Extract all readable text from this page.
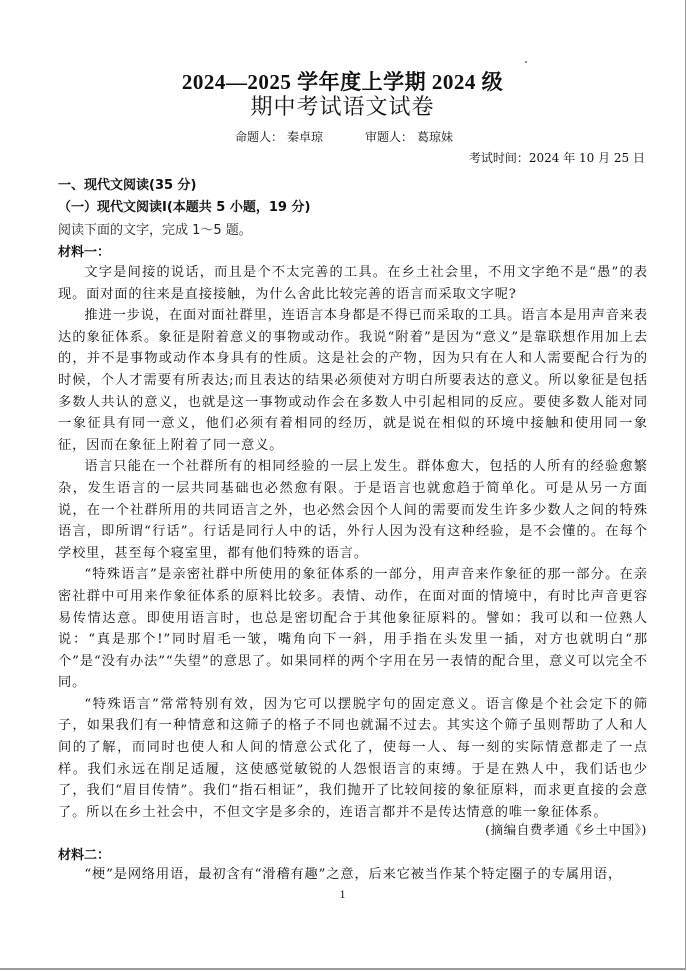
2024—2025 学年度上学期 2024 级
期中考试语文试卷
命题人： 秦卓琼	审题人： 葛琼妹
考试时间：2024 年 10 月 25 日
一、现代文阅读(35 分)
（一）现代文阅读Ⅰ(本题共 5 小题，19 分)
阅读下面的文字，完成 1～5 题。
材料一：

文字是间接的说话，而且是个不太完善的工具。在乡土社会里，不用文字绝不是“愚”的表现。面对面的往来是直接接触，为什么舍此比较完善的语言而采取文字呢?

推进一步说，在面对面社群里，连语言本身都是不得已而采取的工具。语言本是用声音来表达的象征体系。象征是附着意义的事物或动作。我说“附着”是因为“意义”是靠联想作用加上去的，并不是事物或动作本身具有的性质。这是社会的产物，因为只有在人和人需要配合行为的时候，个人才需要有所表达;而且表达的结果必须使对方明白所要表达的意义。所以象征是包括多数人共认的意义，也就是这一事物或动作会在多数人中引起相同的反应。要使多数人能对同一象征具有同一意义，他们必须有着相同的经历，就是说在相似的环境中接触和使用同一象征，因而在象征上附着了同一意义。

语言只能在一个社群所有的相同经验的一层上发生。群体愈大，包括的人所有的经验愈繁杂，发生语言的一层共同基础也必然愈有限。于是语言也就愈趋于简单化。可是从另一方面说，在一个社群所用的共同语言之外，也必然会因个人间的需要而发生许多少数人之间的特殊语言，即所谓“行话”。行话是同行人中的话，外行人因为没有这种经验，是不会懂的。在每个学校里，甚至每个寝室里，都有他们特殊的语言。

“特殊语言”是亲密社群中所使用的象征体系的一部分，用声音来作象征的那一部分。在亲密社群中可用来作象征体系的原料比较多。表情、动作，在面对面的情境中，有时比声音更容易传情达意。即使用语言时，也总是密切配合于其他象征原料的。譬如：我可以和一位熟人说：“真是那个!”同时眉毛一皱，嘴角向下一斜，用手指在头发里一插，对方也就明白“那个”是“没有办法”“失望”的意思了。如果同样的两个字用在另一表情的配合里，意义可以完全不同。

“特殊语言”常常特别有效，因为它可以摆脱字句的固定意义。语言像是个社会定下的筛子，如果我们有一种情意和这筛子的格子不同也就漏不过去。其实这个筛子虽则帮助了人和人间的了解，而同时也使人和人间的情意公式化了，使每一人、每一刻的实际情意都走了一点样。我们永远在削足适履，这使感觉敏锐的人怨恨语言的束缚。于是在熟人中，我们话也少了，我们“眉目传情”。我们“指石相证”，我们抛开了比较间接的象征原料，而求更直接的会意了。所以在乡土社会中，不但文字是多余的，连语言都并不是传达情意的唯一象征体系。

(摘编自费孝通《乡土中国》)
材料二：

“梗”是网络用语，最初含有“滑稽有趣”之意，后来它被当作某个特定圈子的专属用语，

1
